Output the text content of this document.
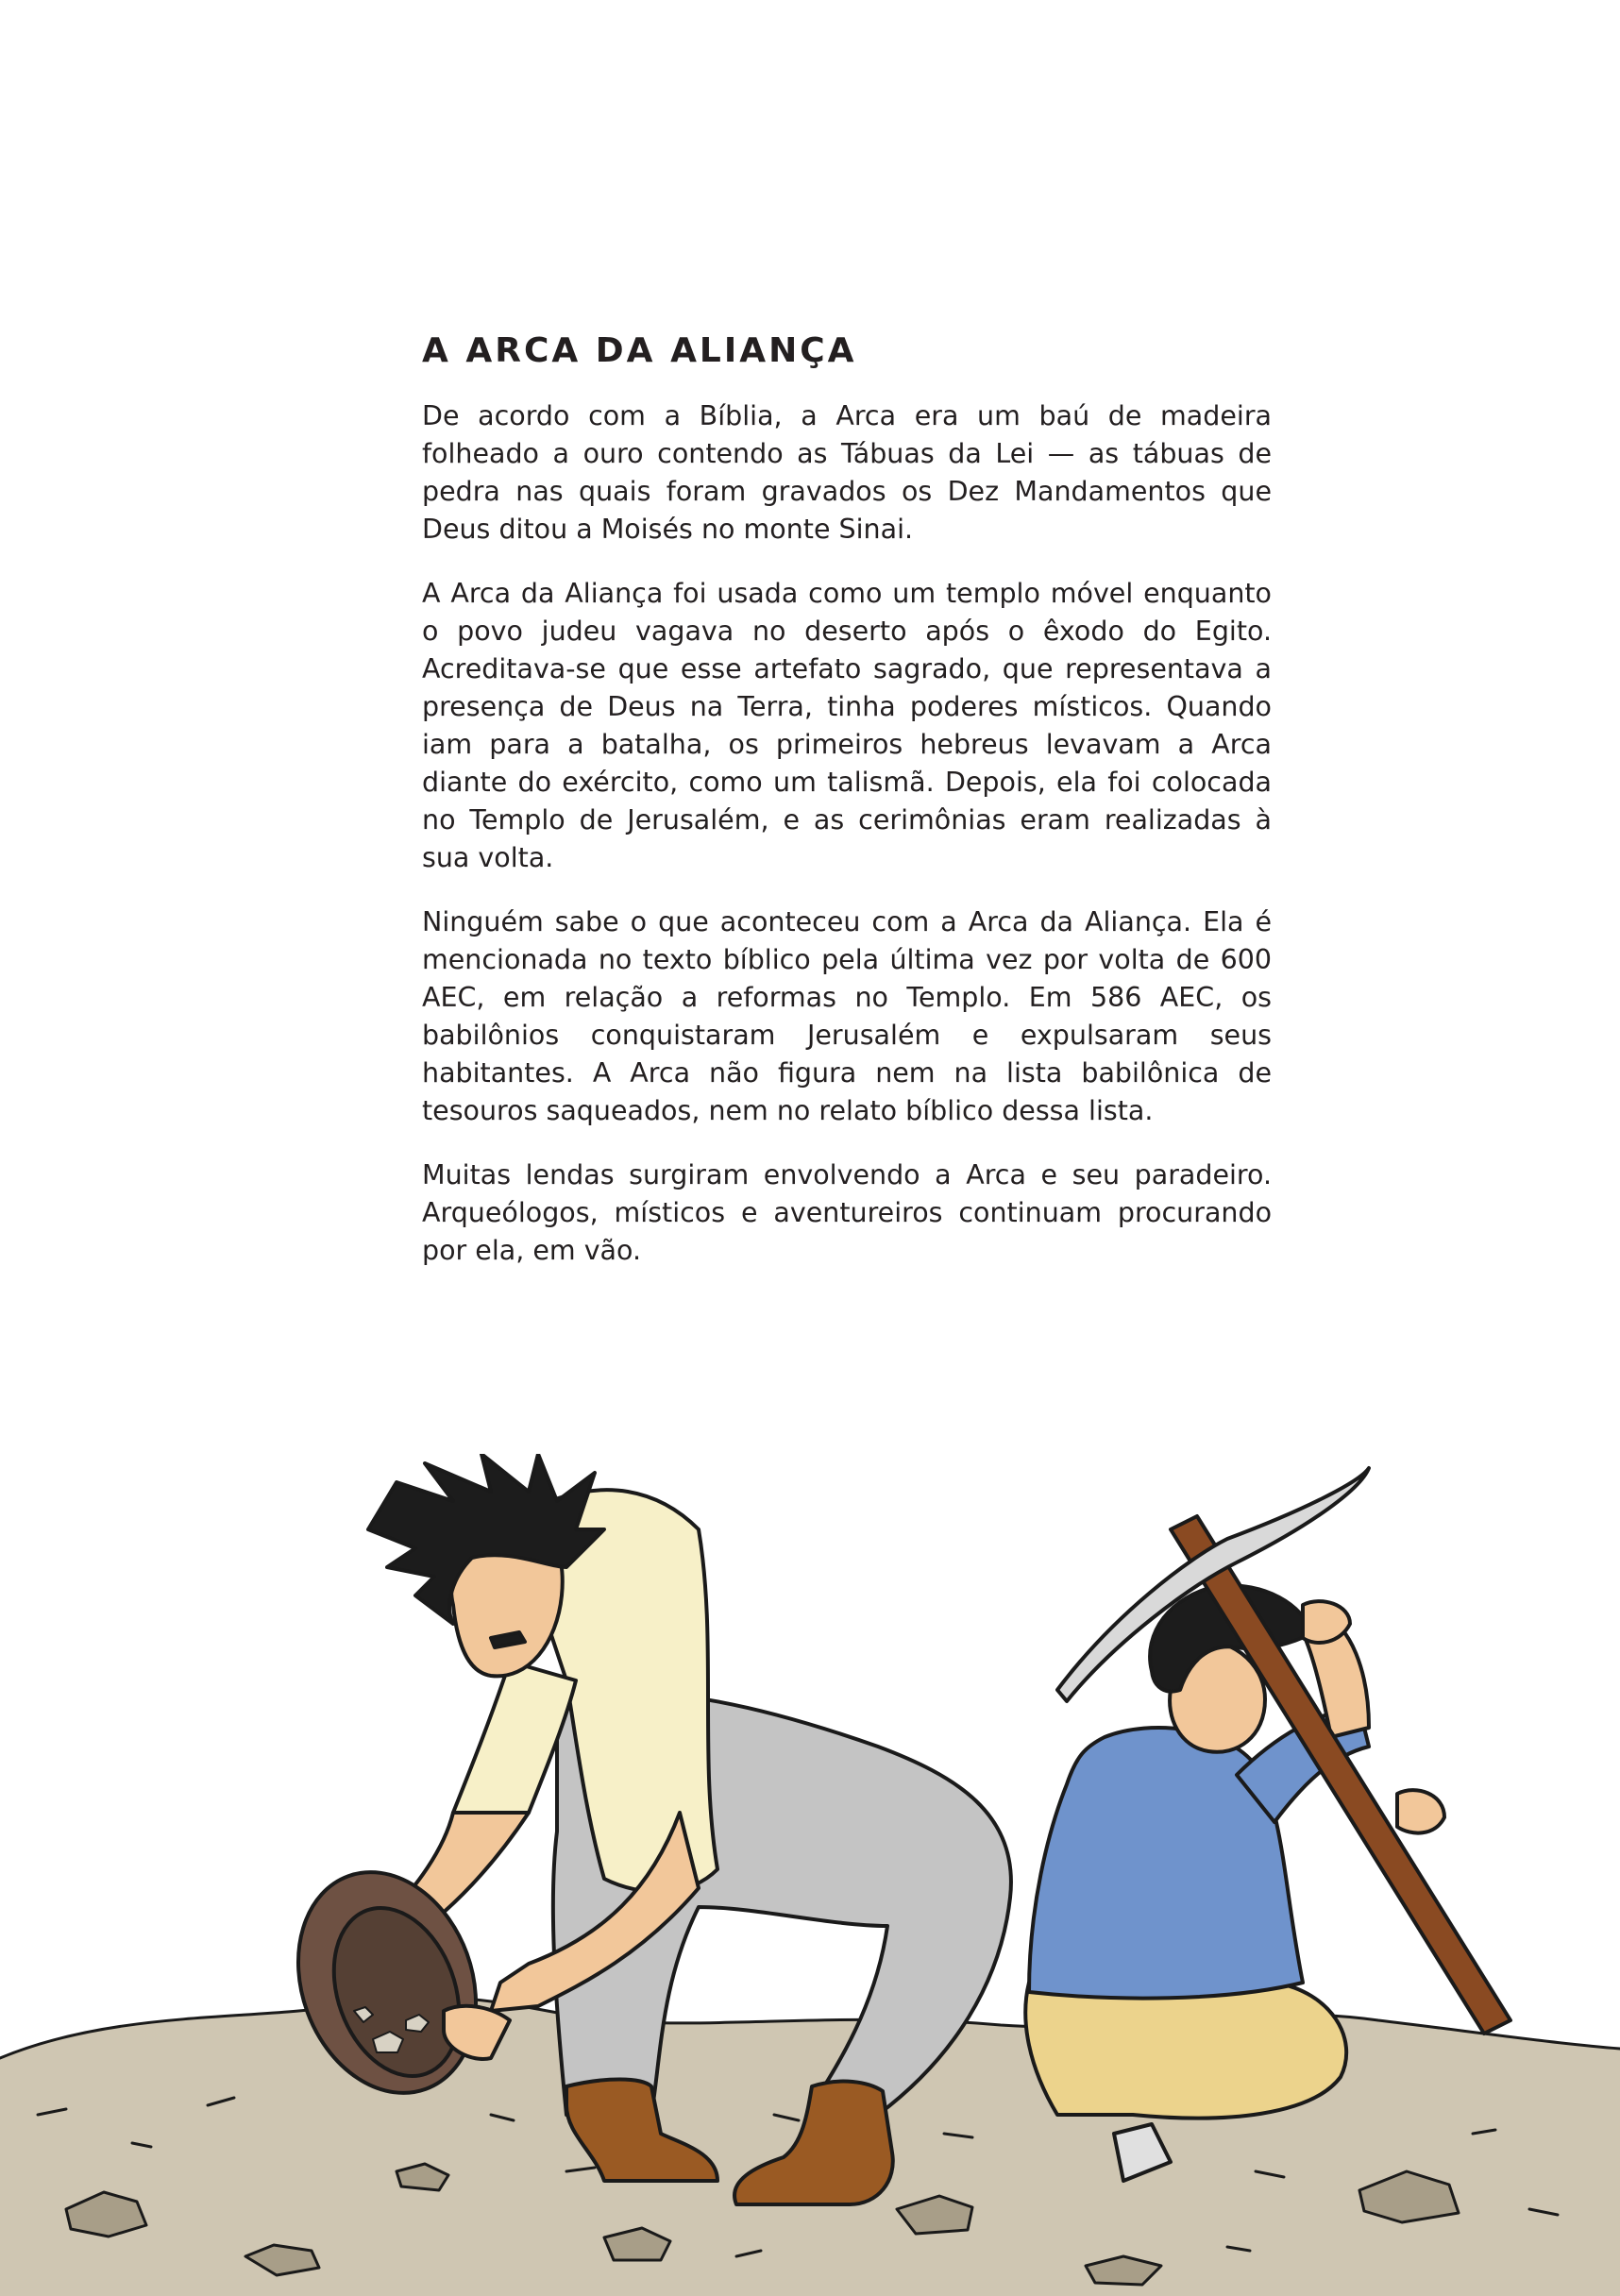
A ARCA DA ALIANÇA

De acordo com a Bíblia, a Arca era um baú de madeira folheado a ouro contendo as Tábuas da Lei — as tábuas de pedra nas quais foram gravados os Dez Mandamentos que Deus ditou a Moisés no monte Sinai.

A Arca da Aliança foi usada como um templo móvel enquanto o povo judeu vagava no deserto após o êxodo do Egito. Acreditava-se que esse artefato sagrado, que representava a presença de Deus na Terra, tinha poderes místicos. Quando iam para a batalha, os primeiros hebreus levavam a Arca diante do exército, como um talismã. Depois, ela foi colocada no Templo de Jerusalém, e as cerimônias eram realizadas à sua volta.

Ninguém sabe o que aconteceu com a Arca da Aliança. Ela é mencionada no texto bíblico pela última vez por volta de 600 AEC, em relação a reformas no Templo. Em 586 AEC, os babilônios conquistaram Jerusalém e expulsaram seus habitantes. A Arca não figura nem na lista babilônica de tesouros saqueados, nem no relato bíblico dessa lista.

Muitas lendas surgiram envolvendo a Arca e seu paradeiro. Arqueólogos, místicos e aventureiros continuam procurando por ela, em vão.
